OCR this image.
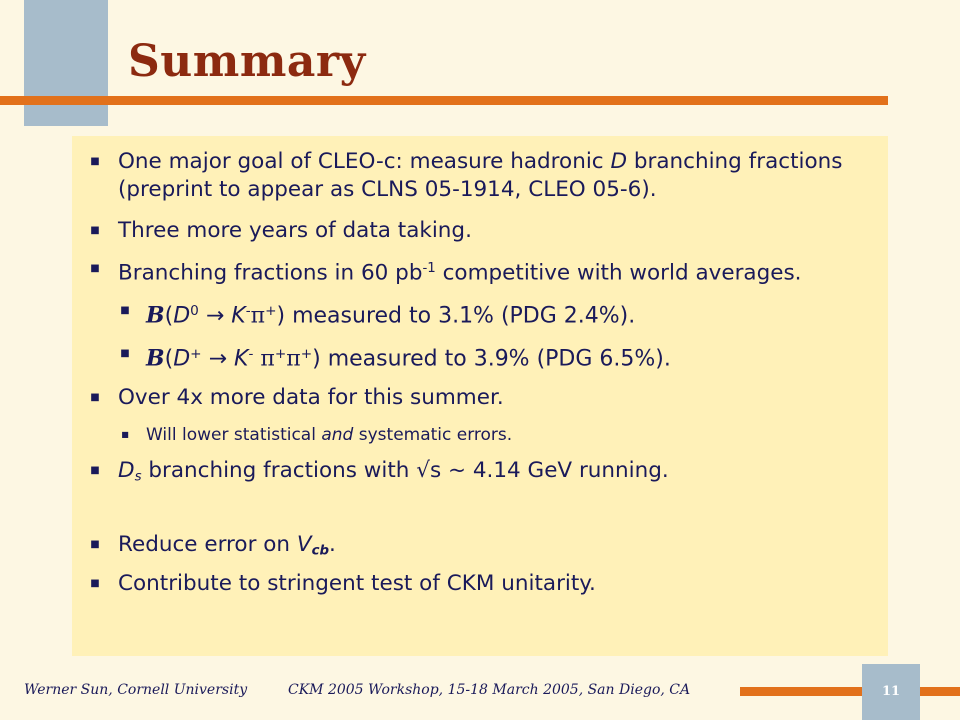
Summary
■ One major goal of CLEO-c: measure hadronic D branching fractions (preprint to appear as CLNS 05-1914, CLEO 05-6).
■ Three more years of data taking.
■ Branching fractions in 60 $pb^{-1}$ competitive with world averages.
■ $B(D^0 \to K^-\pi^+)$ measured to 3.1% (PDG 2.4%).
■ B(D+ → K- π+π+) measured to 3.9% (PDG 6.5%).
■ Over 4x more data for this summer.
■ Will lower statistical and systematic errors.
■ $D_s$ branching fractions with √s ~ 4.14 GeV running.
■ Reduce error on $V_{cb}$.
■ Contribute to stringent test of CKM unitarity.
Werner Sun, Cornell University	CKM 2005 Workshop, 15-18 March 2005, San Diego, CA	11
